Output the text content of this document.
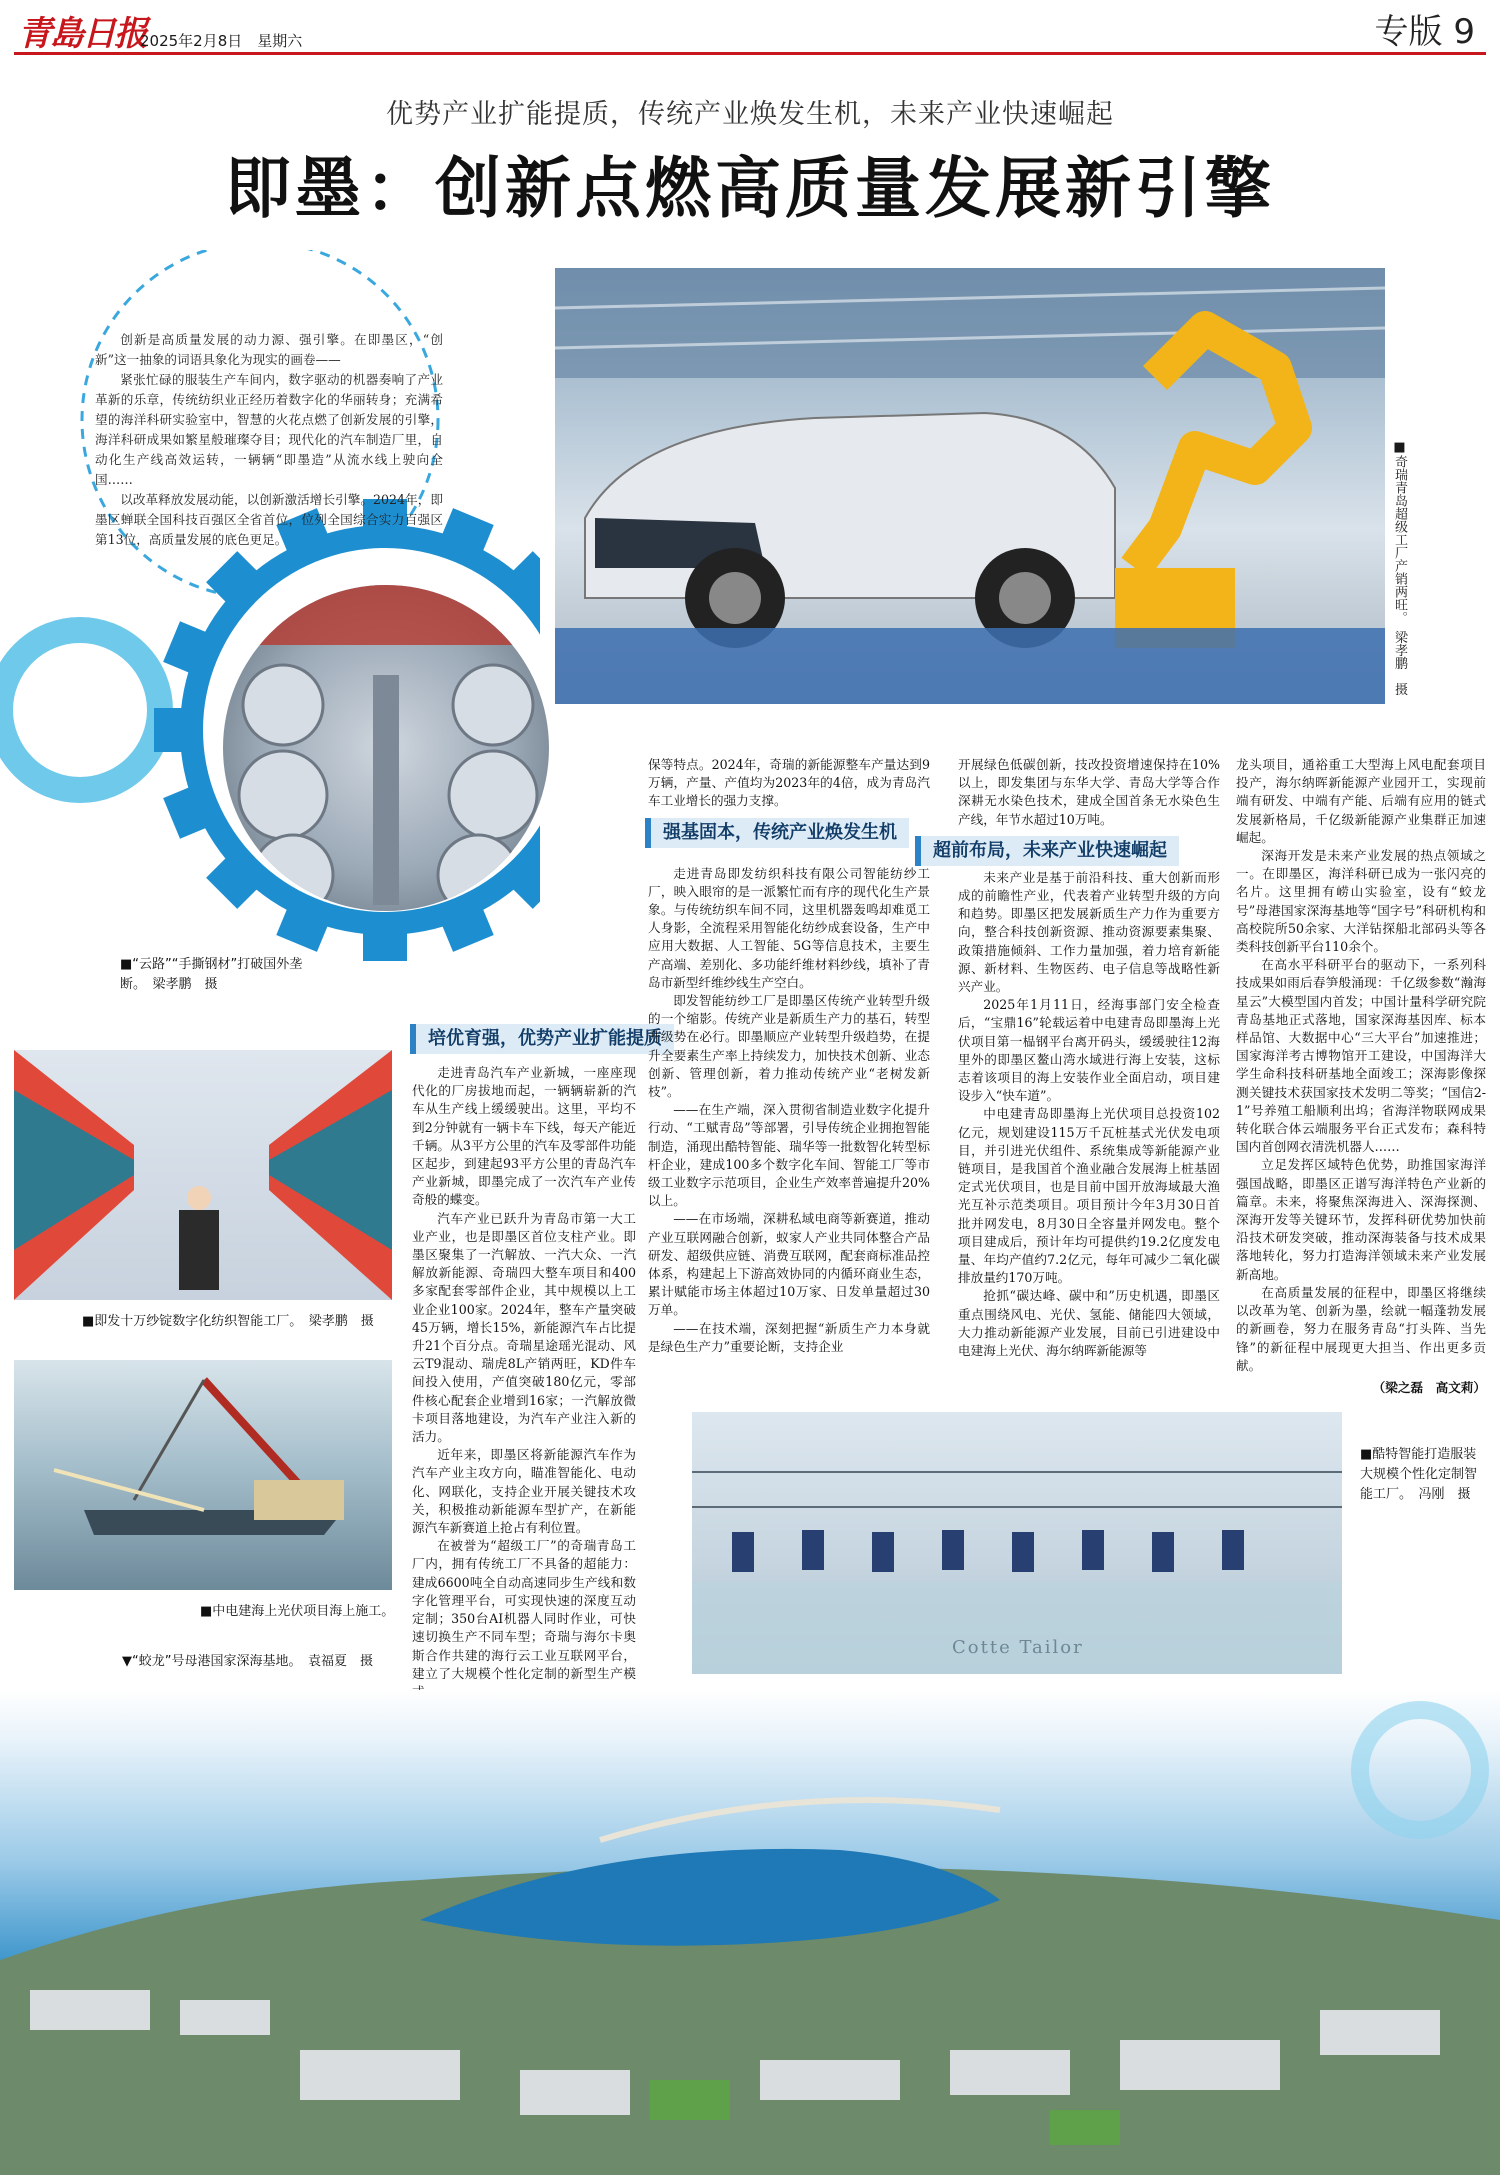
青島日报
2025年2月8日　星期六	专版 9
优势产业扩能提质，传统产业焕发生机，未来产业快速崛起
即墨：创新点燃高质量发展新引擎

创新是高质量发展的动力源、强引擎。在即墨区，“创新”这一抽象的词语具象化为现实的画卷——

紧张忙碌的服装生产车间内，数字驱动的机器奏响了产业革新的乐章，传统纺织业正经历着数字化的华丽转身；充满希望的海洋科研实验室中，智慧的火花点燃了创新发展的引擎，海洋科研成果如繁星般璀璨夺目；现代化的汽车制造厂里，自动化生产线高效运转，一辆辆“即墨造”从流水线上驶向全国……

以改革释放发展动能，以创新激活增长引擎。2024年，即墨区蝉联全国科技百强区全省首位，位列全国综合实力百强区第13位，高质量发展的底色更足。	■奇瑞青岛超级工厂产销两旺。　梁孝鹏　摄
■“云路”“手撕钢材”打破国外垄断。　梁孝鹏　摄
■即发十万纱锭数字化纺织智能工厂。　梁孝鹏　摄
■中电建海上光伏项目海上施工。
▼“蛟龙”号母港国家深海基地。　袁福夏　摄
培优育强，优势产业扩能提质
强基固本，传统产业焕发生机
超前布局，未来产业快速崛起

走进青岛汽车产业新城，一座座现代化的厂房拔地而起，一辆辆崭新的汽车从生产线上缓缓驶出。这里，平均不到2分钟就有一辆卡车下线，每天产能近千辆。从3平方公里的汽车及零部件功能区起步，到建起93平方公里的青岛汽车产业新城，即墨完成了一次汽车产业传奇般的蝶变。

汽车产业已跃升为青岛市第一大工业产业，也是即墨区首位支柱产业。即墨区聚集了一汽解放、一汽大众、一汽解放新能源、奇瑞四大整车项目和400多家配套零部件企业，其中规模以上工业企业100家。2024年，整车产量突破45万辆，增长15%，新能源汽车占比提升21个百分点。奇瑞星途瑶光混动、风云T9混动、瑞虎8L产销两旺，KD件车间投入使用，产值突破180亿元，零部件核心配套企业增到16家；一汽解放微卡项目落地建设，为汽车产业注入新的活力。

近年来，即墨区将新能源汽车作为汽车产业主攻方向，瞄准智能化、电动化、网联化，支持企业开展关键技术攻关，积极推动新能源车型扩产，在新能源汽车新赛道上抢占有利位置。

在被誉为“超级工厂”的奇瑞青岛工厂内，拥有传统工厂不具备的超能力：建成6600吨全自动高速同步生产线和数字化管理平台，可实现快速的深度互动定制；350台AI机器人同时作业，可快速切换生产不同车型；奇瑞与海尔卡奥斯合作共建的海行云工业互联网平台，建立了大规模个性化定制的新型生产模

保等特点。2024年，奇瑞的新能源整车产量达到9万辆，产量、产值均为2023年的4倍，成为青岛汽车工业增长的强力支撑。

走进青岛即发纺织科技有限公司智能纺纱工厂，映入眼帘的是一派繁忙而有序的现代化生产景象。与传统纺织车间不同，这里机器轰鸣却难觅工人身影，全流程采用智能化纺纱成套设备，生产中应用大数据、人工智能、5G等信息技术，主要生产高端、差别化、多功能纤维材料纱线，填补了青岛市新型纤维纱线生产空白。

即发智能纺纱工厂是即墨区传统产业转型升级的一个缩影。传统产业是新质生产力的基石，转型升级势在必行。即墨顺应产业转型升级趋势，在提升全要素生产率上持续发力，加快技术创新、业态创新、管理创新，着力推动传统产业“老树发新枝”。

——在生产端，深入贯彻省制造业数字化提升行动、“工赋青岛”等部署，引导传统企业拥抱智能制造，涌现出酷特智能、瑞华等一批数智化转型标杆企业，建成100多个数字化车间、智能工厂等市级工业数字示范项目，企业生产效率普遍提升20%以上。

——在市场端，深耕私域电商等新赛道，推动产业互联网融合创新，蚁家人产业共同体整合产品研发、超级供应链、消费互联网，配套商标准品控体系，构建起上下游高效协同的内循环商业生态，累计赋能市场主体超过10万家、日发单量超过30万单。

——在技术端，深刻把握“新质生产力本身就是绿色生产力”重要论断，支持企业

开展绿色低碳创新，技改投资增速保持在10%以上，即发集团与东华大学、青岛大学等合作深耕无水染色技术，建成全国首条无水染色生产线，年节水超过10万吨。

未来产业是基于前沿科技、重大创新而形成的前瞻性产业，代表着产业转型升级的方向和趋势。即墨区把发展新质生产力作为重要方向，整合科技创新资源、推动资源要素集聚、政策措施倾斜、工作力量加强，着力培育新能源、新材料、生物医药、电子信息等战略性新兴产业。

2025年1月11日，经海事部门安全检查后，“宝鼎16”轮载运着中电建青岛即墨海上光伏项目第一榀钢平台离开码头，缓缓驶往12海里外的即墨区鳌山湾水域进行海上安装，这标志着该项目的海上安装作业全面启动，项目建设步入“快车道”。

中电建青岛即墨海上光伏项目总投资102亿元，规划建设115万千瓦桩基式光伏发电项目，并引进光伏组件、系统集成等新能源产业链项目，是我国首个渔业融合发展海上桩基固定式光伏项目，也是目前中国开放海域最大渔光互补示范类项目。项目预计今年3月30日首批并网发电，8月30日全容量并网发电。整个项目建成后，预计年均可提供约19.2亿度发电量、年均产值约7.2亿元，每年可减少二氧化碳排放量约170万吨。

抢抓“碳达峰、碳中和”历史机遇，即墨区重点围绕风电、光伏、氢能、储能四大领域，大力推动新能源产业发展，目前已引进建设中电建海上光伏、海尔纳晖新能源等

龙头项目，通裕重工大型海上风电配套项目投产，海尔纳晖新能源产业园开工，实现前端有研发、中端有产能、后端有应用的链式发展新格局，千亿级新能源产业集群正加速崛起。

深海开发是未来产业发展的热点领域之一。在即墨区，海洋科研已成为一张闪亮的名片。这里拥有崂山实验室，设有“蛟龙号”母港国家深海基地等“国字号”科研机构和高校院所50余家、大洋钻探船北部码头等各类科技创新平台110余个。

在高水平科研平台的驱动下，一系列科技成果如雨后春笋般涌现：千亿级参数“瀚海星云”大模型国内首发；中国计量科学研究院青岛基地正式落地，国家深海基因库、标本样品馆、大数据中心“三大平台”加速推进；国家海洋考古博物馆开工建设，中国海洋大学生命科技科研基地全面竣工；深海影像探测关键技术获国家技术发明二等奖；“国信2-1”号养殖工船顺利出坞；省海洋物联网成果转化联合体云端服务平台正式发布；森科特国内首创网衣清洗机器人……

立足发挥区域特色优势，助推国家海洋强国战略，即墨区正谱写海洋特色产业新的篇章。未来，将聚焦深海进入、深海探测、深海开发等关键环节，发挥科研优势加快前沿技术研发突破，推动深海装备与技术成果落地转化，努力打造海洋领域未来产业发展新高地。

在高质量发展的征程中，即墨区将继续以改革为笔、创新为墨，绘就一幅蓬勃发展的新画卷，努力在服务青岛“打头阵、当先锋”的新征程中展现更大担当、作出更多贡献。

（梁之磊　高文莉）
Cotte Tailor
■酷特智能打造服装大规模个性化定制智能工厂。　冯刚　摄
